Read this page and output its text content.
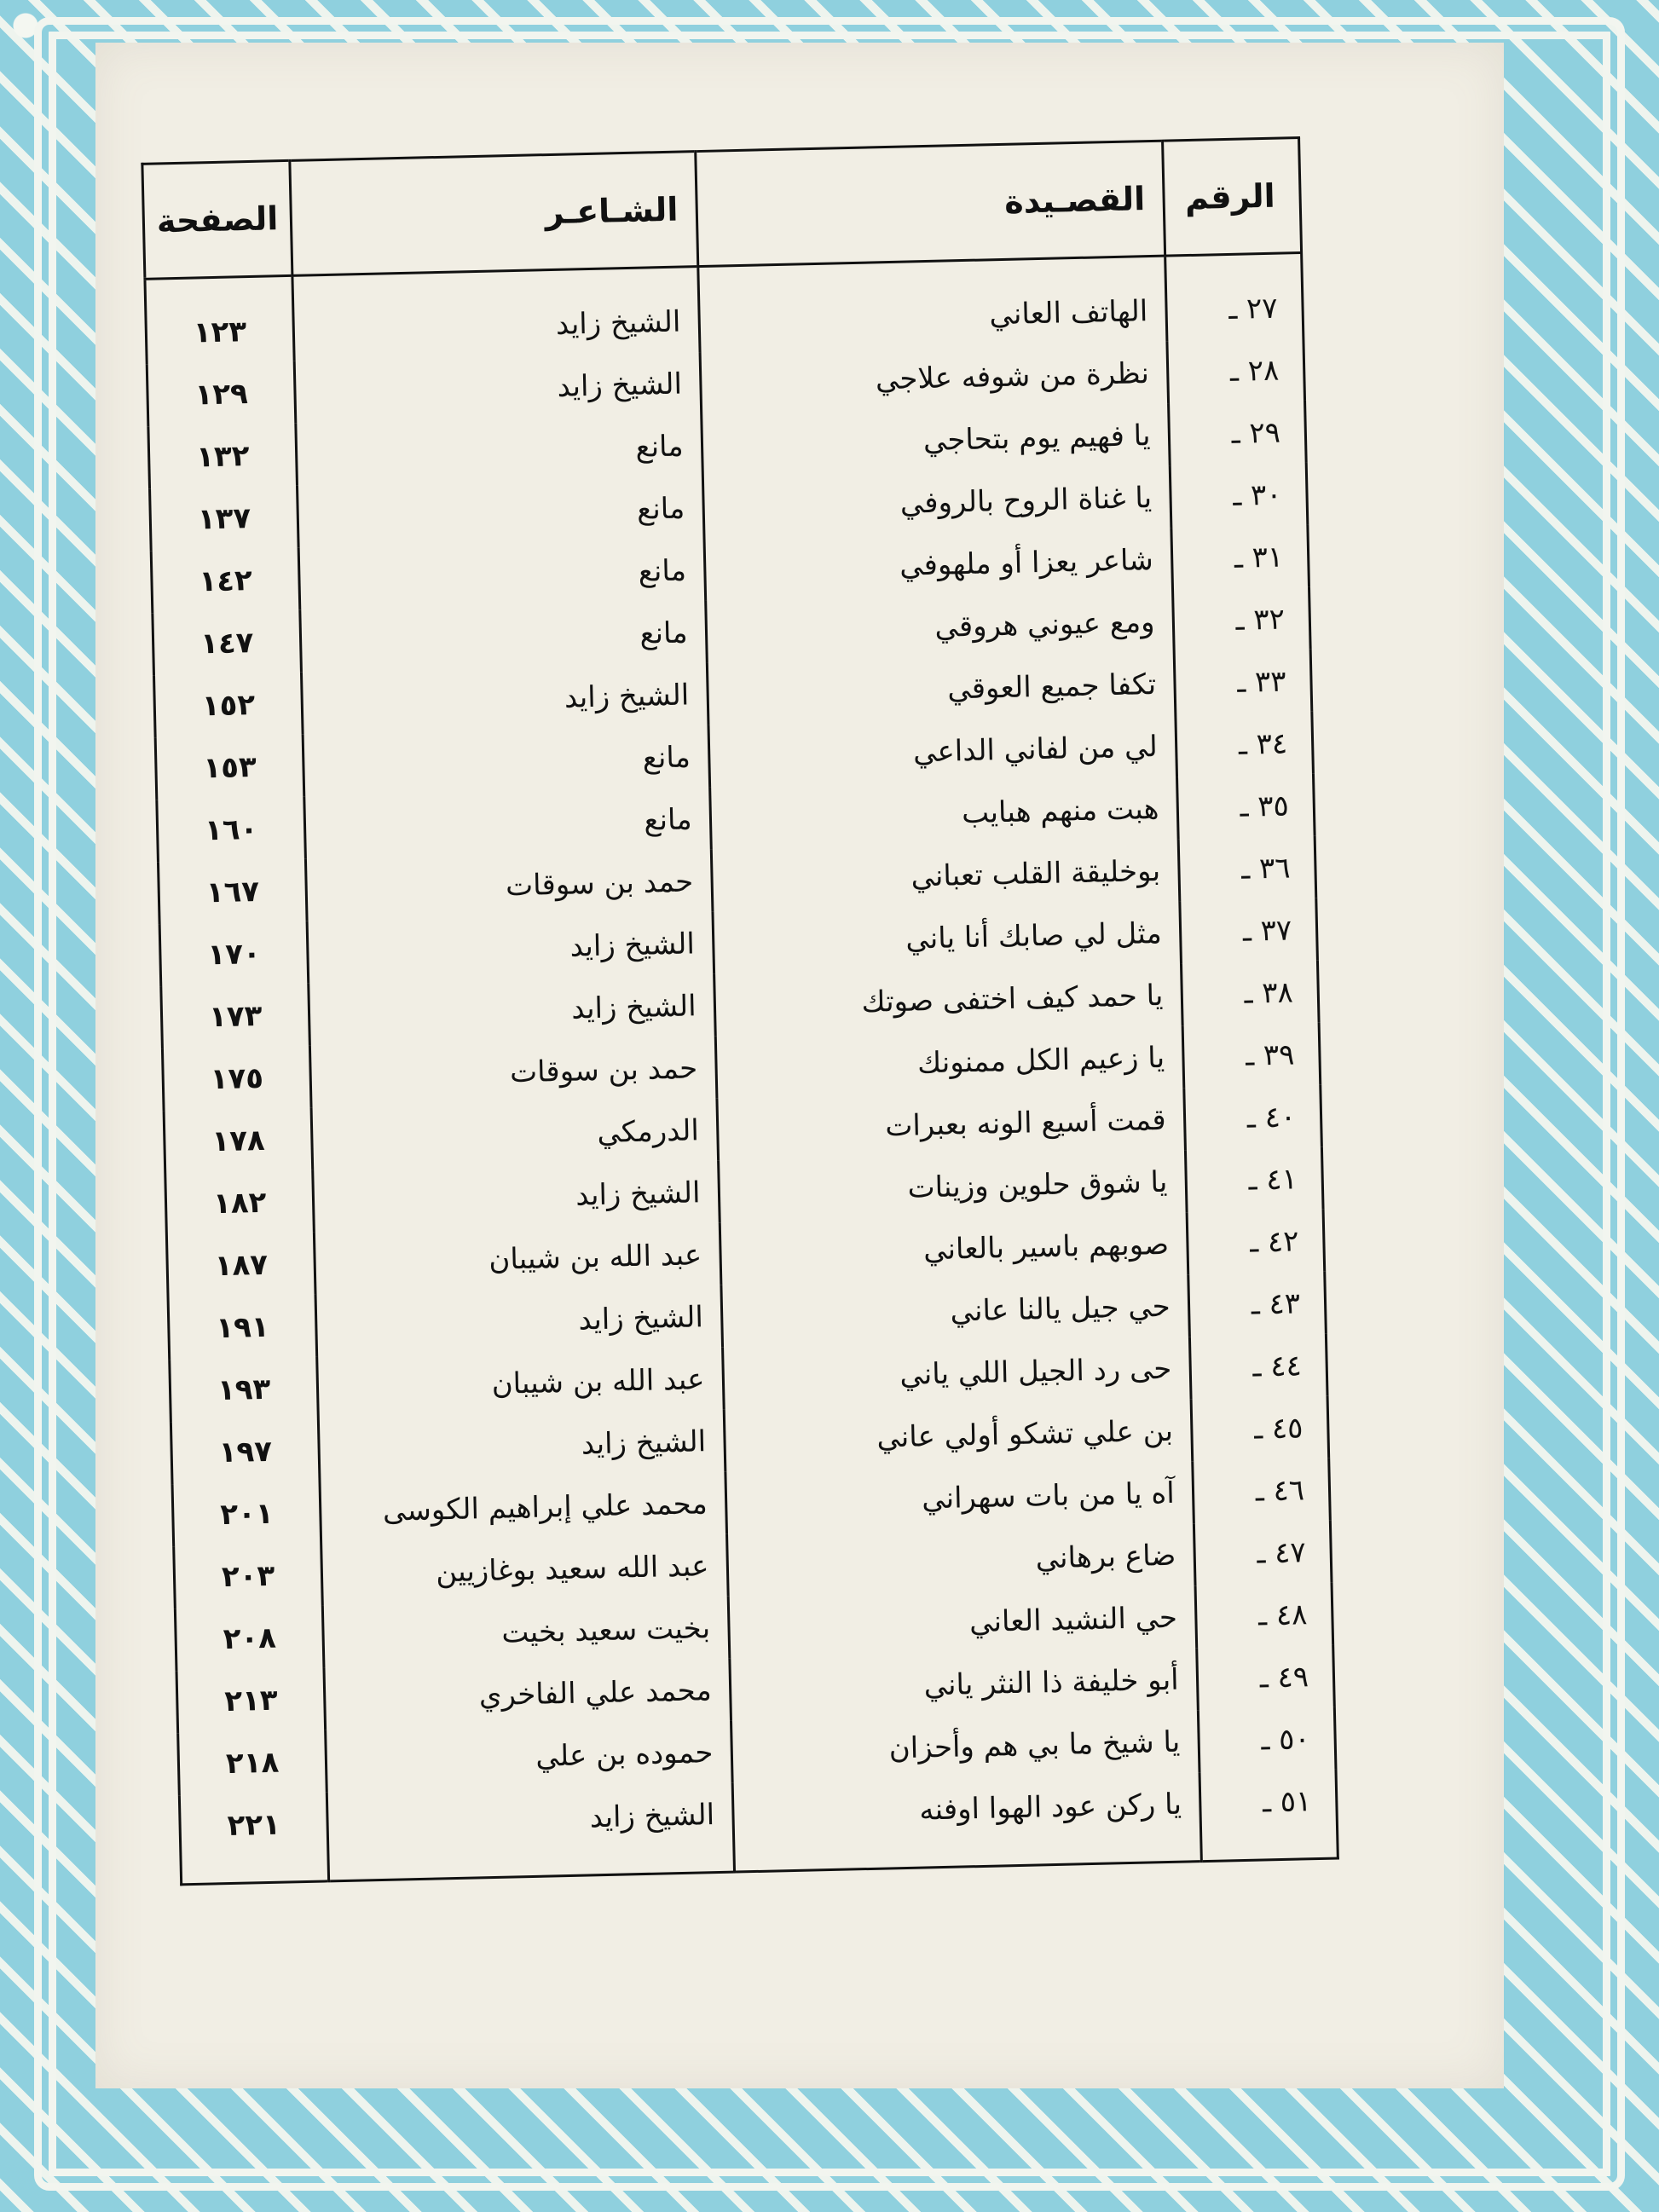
الرقم	القصـيدة	الشـاعـر	الصفحة
٢٧ ـ	الهاتف العاني	الشيخ زايد	١٢٣
٢٨ ـ	نظرة من شوفه علاجي	الشيخ زايد	١٢٩
٢٩ ـ	يا فهيم يوم بتحاجي	مانع	١٣٢
٣٠ ـ	يا غناة الروح بالروفي	مانع	١٣٧
٣١ ـ	شاعر يعزا أو ملهوفي	مانع	١٤٢
٣٢ ـ	ومع عيوني هروقي	مانع	١٤٧
٣٣ ـ	تكفا جميع العوقي	الشيخ زايد	١٥٢
٣٤ ـ	لي من لفاني الداعي	مانع	١٥٣
٣٥ ـ	هبت منهم هبايب	مانع	١٦٠
٣٦ ـ	بوخليقة القلب تعباني	حمد بن سوقات	١٦٧
٣٧ ـ	مثل لي صابك أنا ياني	الشيخ زايد	١٧٠
٣٨ ـ	يا حمد كيف اختفى صوتك	الشيخ زايد	١٧٣
٣٩ ـ	يا زعيم الكل ممنونك	حمد بن سوقات	١٧٥
٤٠ ـ	قمت أسيع الونه بعبرات	الدرمكي	١٧٨
٤١ ـ	يا شوق حلوين وزينات	الشيخ زايد	١٨٢
٤٢ ـ	صوبهم باسير بالعاني	عبد الله بن شيبان	١٨٧
٤٣ ـ	حي جيل يالنا عاني	الشيخ زايد	١٩١
٤٤ ـ	حى رد الجيل اللي ياني	عبد الله بن شيبان	١٩٣
٤٥ ـ	بن علي تشكو أولي عاني	الشيخ زايد	١٩٧
٤٦ ـ	آه يا من بات سهراني	محمد علي إبراهيم الكوسى	٢٠١
٤٧ ـ	ضاع برهاني	عبد الله سعيد بوغازيين	٢٠٣
٤٨ ـ	حي النشيد العاني	بخيت سعيد بخيت	٢٠٨
٤٩ ـ	أبو خليفة ذا النثر ياني	محمد علي الفاخري	٢١٣
٥٠ ـ	يا شيخ ما بي هم وأحزان	حموده بن علي	٢١٨
٥١ ـ	يا ركن عود الهوا اوفنه	الشيخ زايد	٢٢١
